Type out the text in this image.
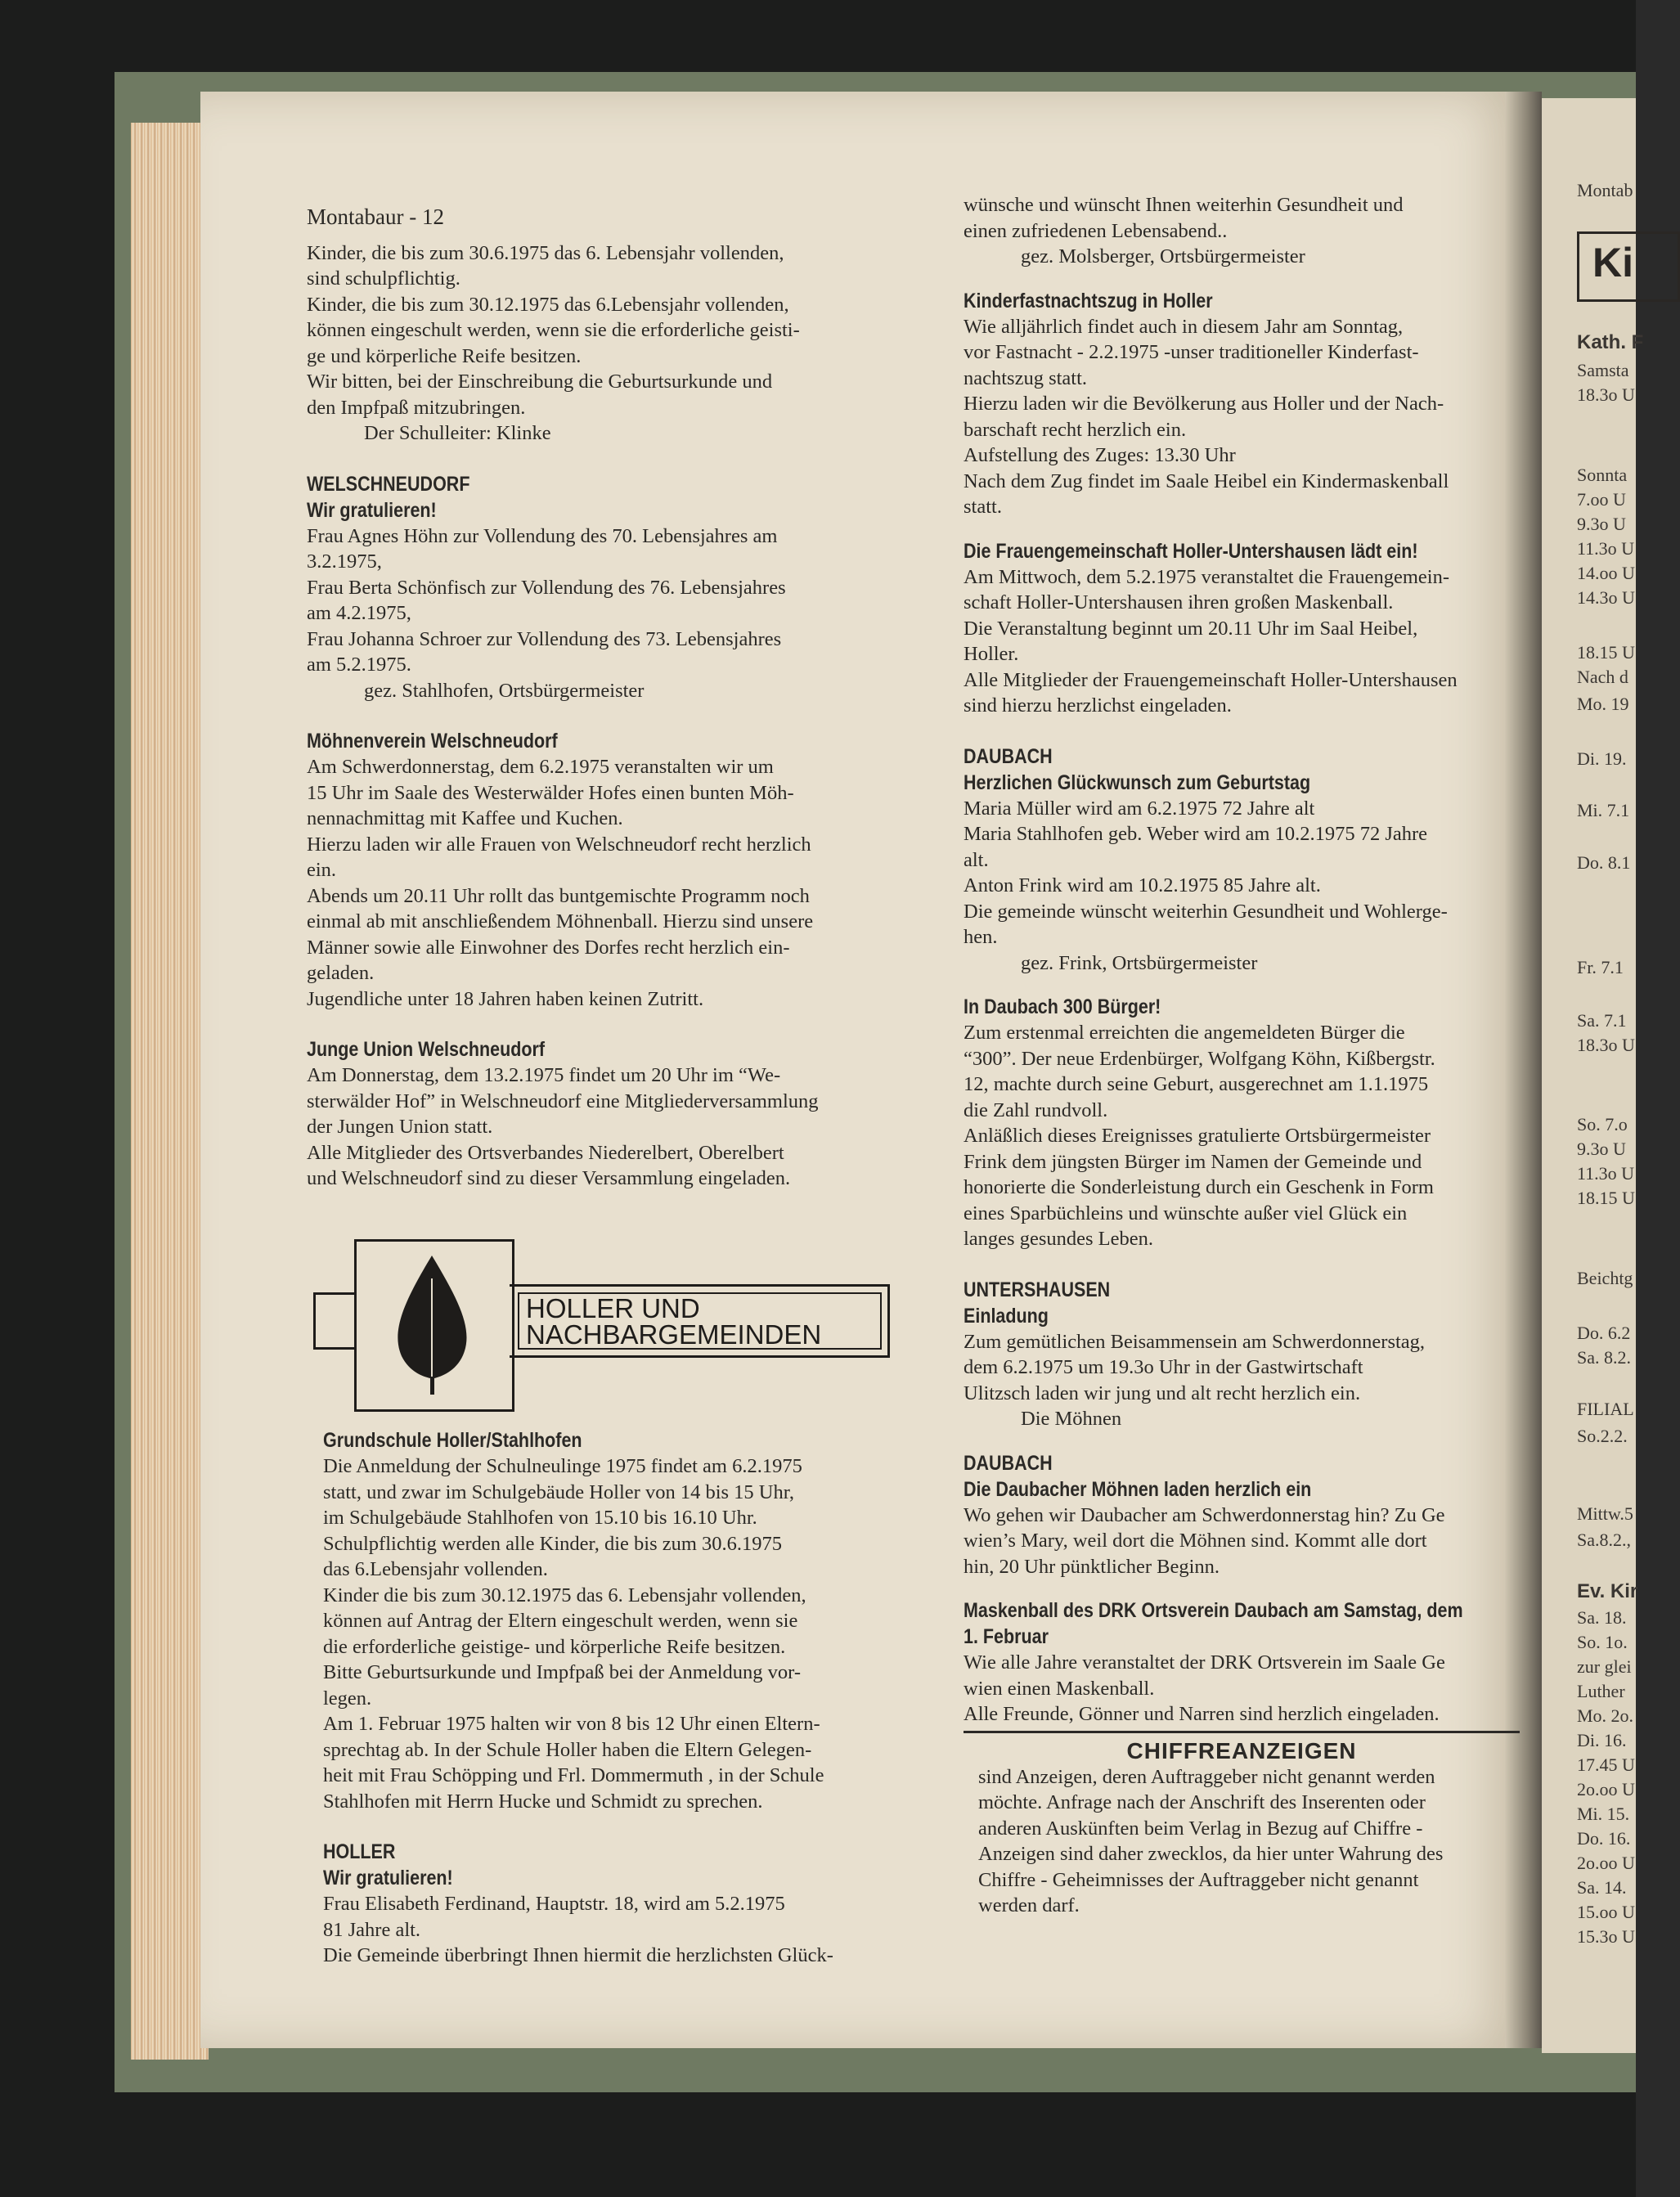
Montabaur - 12
Kinder, die bis zum 30.6.1975 das 6. Lebensjahr vollenden,
sind schulpflichtig.
Kinder, die bis zum 30.12.1975 das 6.Lebensjahr vollenden,
können eingeschult werden, wenn sie die erforderliche geisti-
ge und körperliche Reife besitzen.
Wir bitten, bei der Einschreibung die Geburtsurkunde und
den Impfpaß mitzubringen.
Der Schulleiter: Klinke
WELSCHNEUDORF
Wir gratulieren!
Frau Agnes Höhn zur Vollendung des 70. Lebensjahres am
3.2.1975,
Frau Berta Schönfisch zur Vollendung des 76. Lebensjahres
am 4.2.1975,
Frau Johanna Schroer zur Vollendung des 73. Lebensjahres
am 5.2.1975.
gez. Stahlhofen, Ortsbürgermeister
Möhnenverein Welschneudorf
Am Schwerdonnerstag, dem 6.2.1975 veranstalten wir um
15 Uhr im Saale des Westerwälder Hofes einen bunten Möh-
nennachmittag mit Kaffee und Kuchen.
Hierzu laden wir alle Frauen von Welschneudorf recht herzlich
ein.
Abends um 20.11 Uhr rollt das buntgemischte Programm noch
einmal ab mit anschließendem Möhnenball. Hierzu sind unsere
Männer sowie alle Einwohner des Dorfes recht herzlich ein-
geladen.
Jugendliche unter 18 Jahren haben keinen Zutritt.
Junge Union Welschneudorf
Am Donnerstag, dem 13.2.1975 findet um 20 Uhr im “We-
sterwälder Hof” in Welschneudorf eine Mitgliederversammlung
der Jungen Union statt.
Alle Mitglieder des Ortsverbandes Niederelbert, Oberelbert
und Welschneudorf sind zu dieser Versammlung eingeladen.
HOLLER UND
NACHBARGEMEINDEN
Grundschule Holler/Stahlhofen
Die Anmeldung der Schulneulinge 1975 findet am 6.2.1975
statt, und zwar im Schulgebäude Holler von 14 bis 15 Uhr,
im Schulgebäude Stahlhofen von 15.10 bis 16.10 Uhr.
Schulpflichtig werden alle Kinder, die bis zum 30.6.1975
das 6.Lebensjahr vollenden.
Kinder die bis zum 30.12.1975 das 6. Lebensjahr vollenden,
können auf Antrag der Eltern eingeschult werden, wenn sie
die erforderliche geistige- und körperliche Reife besitzen.
Bitte Geburtsurkunde und Impfpaß bei der Anmeldung vor-
legen.
Am 1. Februar 1975 halten wir von 8 bis 12 Uhr einen Eltern-
sprechtag ab. In der Schule Holler haben die Eltern Gelegen-
heit mit Frau Schöpping und Frl. Dommermuth , in der Schule
Stahlhofen mit Herrn Hucke und Schmidt zu sprechen.
HOLLER
Wir gratulieren!
Frau Elisabeth Ferdinand, Hauptstr. 18, wird am 5.2.1975
81 Jahre alt.
Die Gemeinde überbringt Ihnen hiermit die herzlichsten Glück-
wünsche und wünscht Ihnen weiterhin Gesundheit und
einen zufriedenen Lebensabend..
gez. Molsberger, Ortsbürgermeister
Kinderfastnachtszug in Holler
Wie alljährlich findet auch in diesem Jahr am Sonntag,
vor Fastnacht - 2.2.1975 -unser traditioneller Kinderfast-
nachtszug statt.
Hierzu laden wir die Bevölkerung aus Holler und der Nach-
barschaft recht herzlich ein.
Aufstellung des Zuges: 13.30 Uhr
Nach dem Zug findet im Saale Heibel ein Kindermaskenball
statt.
Die Frauengemeinschaft Holler-Untershausen lädt ein!
Am Mittwoch, dem 5.2.1975 veranstaltet die Frauengemein-
schaft Holler-Untershausen ihren großen Maskenball.
Die Veranstaltung beginnt um 20.11 Uhr im Saal Heibel,
Holler.
Alle Mitglieder der Frauengemeinschaft Holler-Untershausen
sind hierzu herzlichst eingeladen.
DAUBACH
Herzlichen Glückwunsch zum Geburtstag
Maria Müller wird am 6.2.1975 72 Jahre alt
Maria Stahlhofen geb. Weber wird am 10.2.1975 72 Jahre
alt.
Anton Frink wird am 10.2.1975 85 Jahre alt.
Die gemeinde wünscht weiterhin Gesundheit und Wohlerge-
hen.
gez. Frink, Ortsbürgermeister
In Daubach 300 Bürger!
Zum erstenmal erreichten die angemeldeten Bürger die
“300”. Der neue Erdenbürger, Wolfgang Köhn, Kißbergstr.
12, machte durch seine Geburt, ausgerechnet am 1.1.1975
die Zahl rundvoll.
Anläßlich dieses Ereignisses gratulierte Ortsbürgermeister
Frink dem jüngsten Bürger im Namen der Gemeinde und
honorierte die Sonderleistung durch ein Geschenk in Form
eines Sparbüchleins und wünschte außer viel Glück ein
langes gesundes Leben.
UNTERSHAUSEN
Einladung
Zum gemütlichen Beisammensein am Schwerdonnerstag,
dem 6.2.1975 um 19.3o Uhr in der Gastwirtschaft
Ulitzsch laden wir jung und alt recht herzlich ein.
Die Möhnen
DAUBACH
Die Daubacher Möhnen laden herzlich ein
Wo gehen wir Daubacher am Schwerdonnerstag hin? Zu Ge
wien’s Mary, weil dort die Möhnen sind. Kommt alle dort
hin, 20 Uhr pünktlicher Beginn.
Maskenball des DRK Ortsverein Daubach am Samstag, dem
1. Februar
Wie alle Jahre veranstaltet der DRK Ortsverein im Saale Ge
wien einen Maskenball.
Alle Freunde, Gönner und Narren sind herzlich eingeladen.
CHIFFREANZEIGEN
sind Anzeigen, deren Auftraggeber nicht genannt werden
möchte. Anfrage nach der Anschrift des Inserenten oder
anderen Auskünften beim Verlag in Bezug auf Chiffre -
Anzeigen sind daher zwecklos, da hier unter Wahrung des
Chiffre - Geheimnisses der Auftraggeber nicht genannt
werden darf.
Montab
Ki
Kath. F
Samsta
18.3o U
Sonnta
7.oo U
9.3o U
11.3o U
14.oo U
14.3o U
18.15 U
Nach d
Mo. 19
Di. 19.
Mi. 7.1
Do. 8.1
Fr. 7.1
Sa. 7.1
18.3o U
So. 7.o
9.3o U
11.3o U
18.15 U
Beichtg
Do. 6.2
Sa. 8.2.
FILIAL
So.2.2.
Mittw.5
Sa.8.2.,
Ev. Kir
Sa. 18.
So. 1o.
zur glei
Luther
Mo. 2o.
Di. 16.
17.45 U
2o.oo U
Mi. 15.
Do. 16.
2o.oo U
Sa. 14.
15.oo U
15.3o U
